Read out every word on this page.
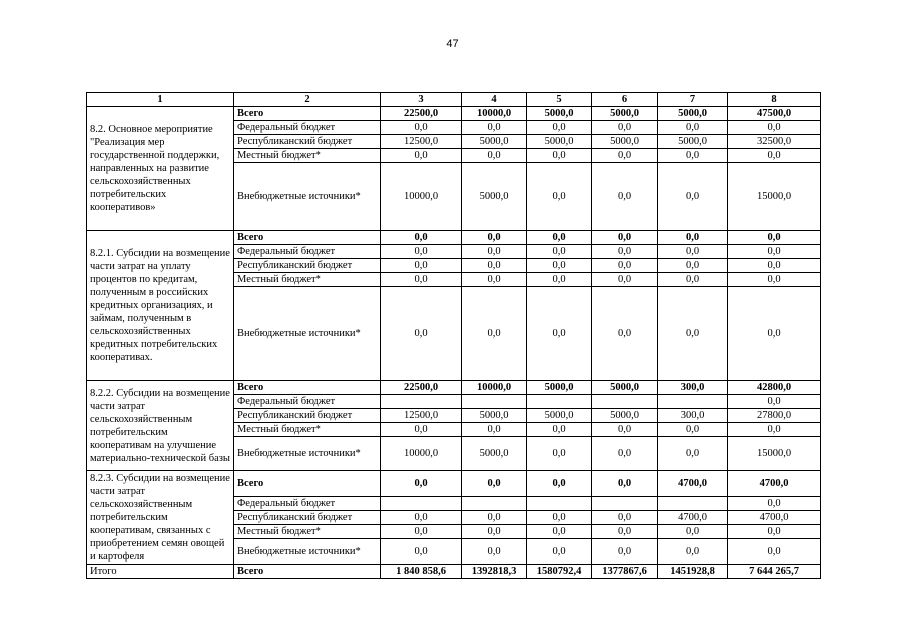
47
1	2	3	4	5	6	7	8
8.2. Основное мероприятие "Реализация мер государственной поддержки, направленных на развитие сельскохозяйственных потребительских кооперативов»	Всего	22500,0	10000,0	5000,0	5000,0	5000,0	47500,0
	Федеральный бюджет	0,0	0,0	0,0	0,0	0,0	0,0
	Республиканский бюджет	12500,0	5000,0	5000,0	5000,0	5000,0	32500,0
	Местный бюджет*	0,0	0,0	0,0	0,0	0,0	0,0
	Внебюджетные источники*	10000,0	5000,0	0,0	0,0	0,0	15000,0
8.2.1. Субсидии на возмещение части затрат на уплату процентов по кредитам, полученным в российских кредитных организациях, и займам, полученным в сельскохозяйственных кредитных потребительских кооперативах.	Всего	0,0	0,0	0,0	0,0	0,0	0,0
	Федеральный бюджет	0,0	0,0	0,0	0,0	0,0	0,0
	Республиканский бюджет	0,0	0,0	0,0	0,0	0,0	0,0
	Местный бюджет*	0,0	0,0	0,0	0,0	0,0	0,0
	Внебюджетные источники*	0,0	0,0	0,0	0,0	0,0	0,0
8.2.2. Субсидии на возмещение части затрат сельскохозяйственным потребительским кооперативам на улучшение материально-технической базы	Всего	22500,0	10000,0	5000,0	5000,0	300,0	42800,0
	Федеральный бюджет						0,0
	Республиканский бюджет	12500,0	5000,0	5000,0	5000,0	300,0	27800,0
	Местный бюджет*	0,0	0,0	0,0	0,0	0,0	0,0
	Внебюджетные источники*	10000,0	5000,0	0,0	0,0	0,0	15000,0
8.2.3. Субсидии на возмещение части затрат сельскохозяйственным потребительским кооперативам, связанных с приобретением семян овощей и картофеля	Всего	0,0	0,0	0,0	0,0	4700,0	4700,0
	Федеральный бюджет						0,0
	Республиканский бюджет	0,0	0,0	0,0	0,0	4700,0	4700,0
	Местный бюджет*	0,0	0,0	0,0	0,0	0,0	0,0
	Внебюджетные источники*	0,0	0,0	0,0	0,0	0,0	0,0
Итого	Всего	1 840 858,6	1392818,3	1580792,4	1377867,6	1451928,8	7 644 265,7
